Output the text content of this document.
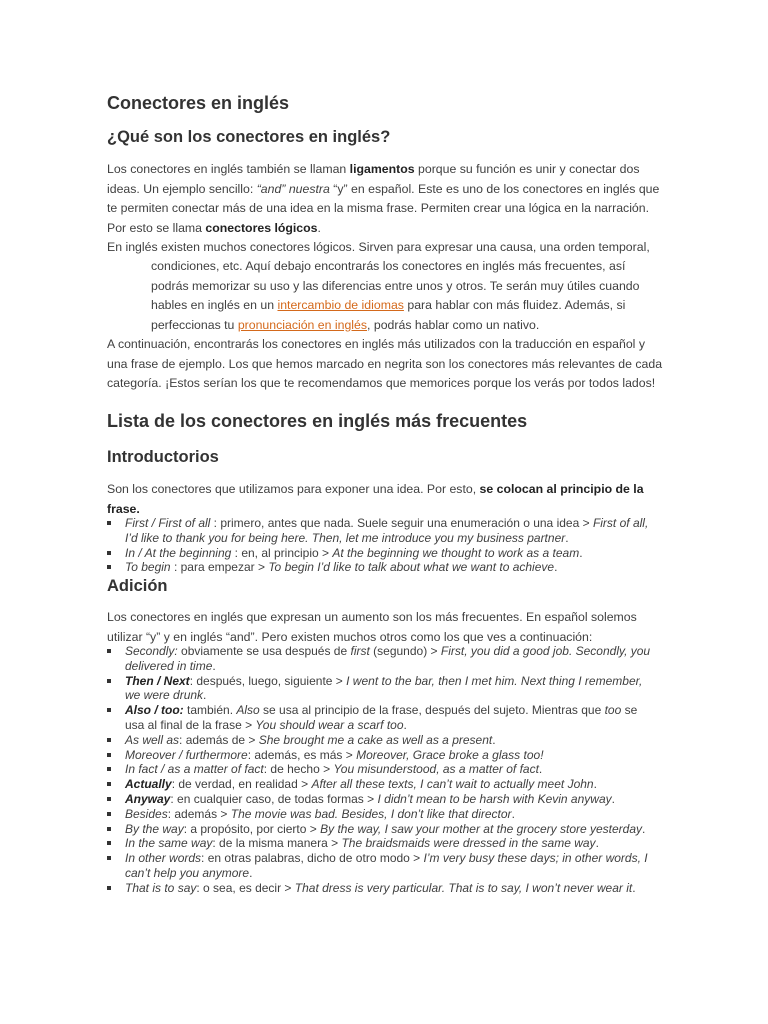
Conectores en inglés
¿Qué son los conectores en inglés?

Los conectores en inglés también se llaman ligamentos porque su función es unir y conectar dos ideas. Un ejemplo sencillo: “and” nuestra “y” en español. Este es uno de los conectores en inglés que te permiten conectar más de una idea en la misma frase. Permiten crear una lógica en la narración. Por esto se llama conectores lógicos.

En inglés existen muchos conectores lógicos. Sirven para expresar una causa, una orden temporal,

condiciones, etc. Aquí debajo encontrarás los conectores en inglés más frecuentes, así podrás memorizar su uso y las diferencias entre unos y otros. Te serán muy útiles cuando hables en inglés en un intercambio de idiomas para hablar con más fluidez. Además, si perfeccionas tu pronunciación en inglés, podrás hablar como un nativo.

A continuación, encontrarás los conectores en inglés más utilizados con la traducción en español y una frase de ejemplo. Los que hemos marcado en negrita son los conectores más relevantes de cada categoría. ¡Estos serían los que te recomendamos que memorices porque los verás por todos lados!

Lista de los conectores en inglés más frecuentes
Introductorios

Son los conectores que utilizamos para exponer una idea. Por esto, se colocan al principio de la frase.

First / First of all : primero, antes que nada. Suele seguir una enumeración o una idea > First of all, I’d like to thank you for being here. Then, let me introduce you my business partner.
In / At the beginning : en, al principio > At the beginning we thought to work as a team.
To begin : para empezar > To begin I’d like to talk about what we want to achieve.
Adición

Los conectores en inglés que expresan un aumento son los más frecuentes. En español solemos utilizar “y” y en inglés “and”. Pero existen muchos otros como los que ves a continuación:

Secondly: obviamente se usa después de first (segundo) > First, you did a good job. Secondly, you delivered in time.
Then / Next: después, luego, siguiente > I went to the bar, then I met him. Next thing I remember, we were drunk.
Also / too: también. Also se usa al principio de la frase, después del sujeto. Mientras que too se usa al final de la frase > You should wear a scarf too.
As well as: además de > She brought me a cake as well as a present.
Moreover / furthermore: además, es más > Moreover, Grace broke a glass too!
In fact / as a matter of fact: de hecho > You misunderstood, as a matter of fact.
Actually: de verdad, en realidad > After all these texts, I can’t wait to actually meet John.
Anyway: en cualquier caso, de todas formas > I didn’t mean to be harsh with Kevin anyway.
Besides: además > The movie was bad. Besides, I don’t like that director.
By the way: a propósito, por cierto > By the way, I saw your mother at the grocery store yesterday.
In the same way: de la misma manera > The braidsmaids were dressed in the same way.
In other words: en otras palabras, dicho de otro modo > I’m very busy these days; in other words, I can’t help you anymore.
That is to say: o sea, es decir > That dress is very particular. That is to say, I won’t never wear it.
